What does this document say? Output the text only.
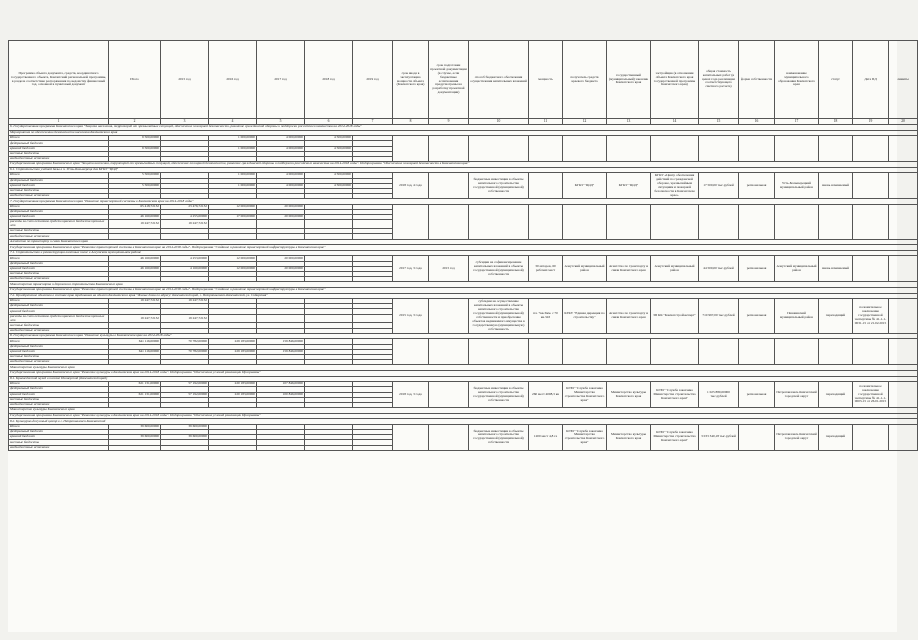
Программа объекта документа, средств, координатного государственного объекта, Камчатский региональной программы, в разделе соответствие распоряжения по ведомству финансовый год, основной в пунктовый документ	Итого	2015 год	2016 год	2017 год	2018 год	2019 год	срок ввода в эксплуатацию мощности объекта (Камчатского края)	срок подготовки проектной документации (в случае, если бюджетные ассигнования предусмотрены на разработку проектной документации)	способ бюджетного обеспечения осуществления капитальных вложений	мощность	получатель средств краевого бюджета	государственный (муниципальный) заказчик Камчатского края	застройщик (в отношении объекта Камчатского края государственной программы Камчатского края)	общая стоимость капитальных работ (в ценах года реализации соответствующего сметного расчета)	форма собственности	наименование муниципального образования Камчатского края	статус	Дата ПД	лимиты
1	2	3	4	5	6	7	8	9	10	11	12	13	14	15	16	17	18	19	20
6. Государственная программа Камчатского края "Защита населения, территорий от чрезвычайных ситуаций, обеспечение пожарной безопасности, развитие гражданской обороны и поддержки российского казачества на 2014-2018 годы"																			
Мероприятия по обеспечению безопасности населения Камчатского края																			
Итого	9 500,00000		1 000,00000	4 000,00000	4 500,00000														
федеральный бюджет																			
краевой бюджет	9 500,00000		1 000,00000	4 000,00000	4 500,00000														
местные бюджеты																			
внебюджетные источники																			
Государственная программа Камчатского края "Защита населения, территорий от чрезвычайных ситуаций, обеспечение пожарной безопасности, развитие гражданской обороны и поддержки российского казачества на 2014-2018 годы". Подпрограмма "Обеспечение пожарной безопасности в Камчатском крае"																			
6.1. Строительство учебной базы в п. Усть-Большерецк для КГКУ "ЦОД"																			
Итого	5 500,00000		1 000,00000	4 000,00000	4 500,00000		2018 год, 4 года		бюджетные инвестиции в объекты капитального строительства государственной (муниципальной) собственности		КГКУ "ЦОД"	КГКУ "ЦОД"	КГКУ «Центр обеспечения действий по гражданской обороне, чрезвычайным ситуациям и пожарной безопасности в Камчатском крае»	17 500,00 тыс.рублей	региональная	Усть-Большерецкий муниципальный район	вновь начинаемый		
федеральный бюджет																			
краевой бюджет	5 500,00000		1 000,00000	4 000,00000	4 500,00000														
местные бюджеты																			
внебюджетные источники																			
7. Государственная программа Камчатского края "Развитие транспортной системы в Камчатском крае на 2014-2018 годы"																			
Итого	65 418,72132	23 476,72132	12 000,00000	20 000,00000															
федеральный бюджет																			
краевой бюджет	46 160,00000	4 255,00000	17 000,00000	20 000,00000															
расходы за счет остатков средств краевого бюджета прошлых лет	19 247,72132	19 247,72132																	
местные бюджеты																			
внебюджетные источники																			
Агентство по транспорту и связи Камчатского края																			
Государственная программа Камчатского края "Развитие транспортной системы в Камчатском крае на 2014-2018 годы". Подпрограмма "Создание и развитие транспортной инфраструктуры в Камчатском крае"																			
7.1. Строительство и реконструкция взлетных полос в Алеутском муниципальном районе																			
Итого	46 160,00000	4 253,00000	12 000,00000	20 000,00000			2017 год, 3 года	2015 год	субсидии на софинансирование капитальных вложений в объекты государственной (муниципальной) собственности	30 авторов, 60 рабочих мест	Алеутский муниципальный район	Агентство по транспорту и связи Камчатского края	Алеутский муниципальный район	44 500,00 тыс.рублей	региональная	Алеутский муниципальный район	вновь начинаемый		
федеральный бюджет																			
краевой бюджет	46 160,00000	4 160,00000	12 000,00000	20 000,00000															
местные бюджеты																			
внебюджетные источники																			
Министерство транспорта и дорожного строительства Камчатского края																			
Государственная программа Камчатского края "Развитие транспортной системы в Камчатском крае на 2014-2018 годы". Подпрограмма "Создание и развитие транспортной инфраструктуры в Камчатском крае"																			
7.2. Приобретение объектов в составе прав требования на объект Камчатского края "Жилые дома по адресу: Камчатский край, г. Петропавловск-Камчатский, ул. Сибирская"																			
Итого	19 247,72132	19 247,72132					2015 год, 3 года		субсидии на осуществление капитальных вложений в объекты капитального строительства государственной (муниципальной) собственности и приобретение объектов недвижимого имущества в государственную (муниципальную) собственность	пл. +кв.3мм. с 70 кв.343	КГКУ "Единая дирекция по строительству"	Агентство по транспорту и связи Камчатского края	ЗП КК "Камчатстройэксперт"	710 997,00 тыс.рублей	региональная	Пенжинский муниципальный район	переходящий	положительное заключение государственной экспертизы № 41-1-1-0031-15 от 21.02.2015	
федеральный бюджет																			
краевой бюджет																			
расходы за счет остатков средств краевого бюджета прошлых лет	19 247,72132	19 247,72132																	
местные бюджеты																			
внебюджетные источники																			
8. Государственная программа Камчатского края "Развитие культуры в Камчатском крае на 2014-2018 годы"																			
Итого	641 116,00000	70 782,00000	229 183,00000	159 846,00000															
федеральный бюджет																			
краевой бюджет	641 116,00000	70 782,00000	229 183,00000	159 846,00000															
местные бюджеты																			
внебюджетные источники																			
Министерство культуры Камчатского края																			
Государственная программа Камчатского края "Развитие культуры в Камчатском крае на 2014-2018 годы". Подпрограмма "Обеспечение условий реализации Программы"																			
8.1. Краеведческий музей в поселке Пионерский (Камчатский край)																			
Итого	621 131,00000	57 192,00000	220 183,00000	107 846,00000			2018 год, 3 года		бюджетные инвестиции в объекты капитального строительства государственной (муниципальной) собственности	260 мест 4008,3 кв	КГБУ "Служба заказчика Министерства строительства Камчатского края"	Министерство культуры Камчатского края	КГБУ "Служба заказчика Министерства строительства Камчатского края"	1 025 880,00000 тыс.рублей	региональная	Петропавловск-Камчатский городской округ	переходящий	положительное заключение государственной экспертизы № 41-1-1-0003-15 от 26.01.2015	
федеральный бюджет																			
краевой бюджет	621 131,00000	57 192,00000	220 183,00000	100 846,00000															
местные бюджеты																			
внебюджетные источники																			
Министерство культуры Камчатского края																			
Государственная программа Камчатского края "Развитие культуры в Камчатском крае на 2014-2018 годы". Подпрограмма "Обеспечение условий реализации Программы"																			
8.2. Культурно-досуговый центр в г. Петропавловск-Камчатский																			
Итого	39 600,00000	39 600,00000							бюджетные инвестиции в объекты капитального строительства государственной (муниципальной) собственности	1200 мест 4,8 га	КГБУ "Служба заказчика Министерства строительства Камчатского края"	Министерство культуры Камчатского края	КГБУ "Служба заказчика Министерства строительства Камчатского края"	3 033 340,18 тыс.рублей		Петропавловск-Камчатский городской округ	переходящий		
федеральный бюджет																			
краевой бюджет	39 600,00000	39 600,00000																	
местные бюджеты																			
внебюджетные источники																			
